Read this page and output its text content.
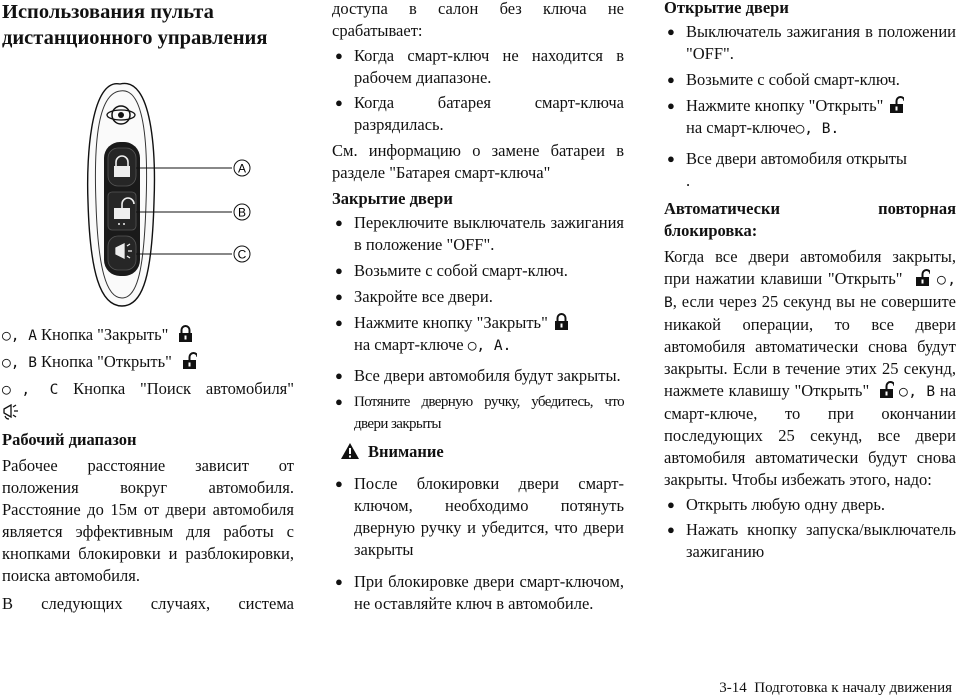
Использования пульта дистанционного управления

A
B
C

○, A Кнопка "Закрыть"

○, B Кнопка "Открыть"

○, C Кнопка "Поиск автомобиля"

Рабочий диапазон

Рабочее расстояние зависит от положения вокруг автомобиля. Расстояние до 15м от двери автомобиля является эффективным для работы с кнопками блокировки и разблокировки, поиска автомобиля.

В следующих случаях, система

доступа в салон без ключа не срабатывает:

● Когда смарт-ключ не находится в рабочем диапазоне.
● Когда батарея смарт-ключа разрядилась.

См. информацию о замене батареи в разделе "Батарея смарт-ключа"

Закрытие двери

● Переключите выключатель зажигания в положение "OFF".
● Возьмите с собой смарт-ключ.
● Закройте все двери.
● Нажмите кнопку "Закрыть"
на смарт-ключе ○, A.
● Все двери автомобиля будут закрыты.
● Потяните дверную ручку, убедитесь, что двери закрыты

Внимание

● После блокировки двери смарт-ключом, необходимо потянуть дверную ручку и убедится, что двери закрыты
● При блокировке двери смарт-ключом, не оставляйте ключ в автомобиле.

Открытие двери

● Выключатель зажигания в положении "OFF".
● Возьмите с собой смарт-ключ.
● Нажмите кнопку "Открыть"
на смарт-ключе○, B.
● Все двери автомобиля открыты
.

Автоматически повторная блокировка:

Когда все двери автомобиля закрыты, при нажатии клавиши "Открыть" ○, B, если через 25 секунд вы не совершите никакой операции, то все двери автомобиля автоматически снова будут закрыты. Если в течение этих 25 секунд, нажмете клавишу "Открыть" ○, B на смарт-ключе, то при окончании последующих 25 секунд, все двери автомобиля автоматически будут снова закрыты. Чтобы избежать этого, надо:

● Открыть любую одну дверь.
● Нажать кнопку запуска/выключатель зажиганию

3-14 Подготовка к началу движения
